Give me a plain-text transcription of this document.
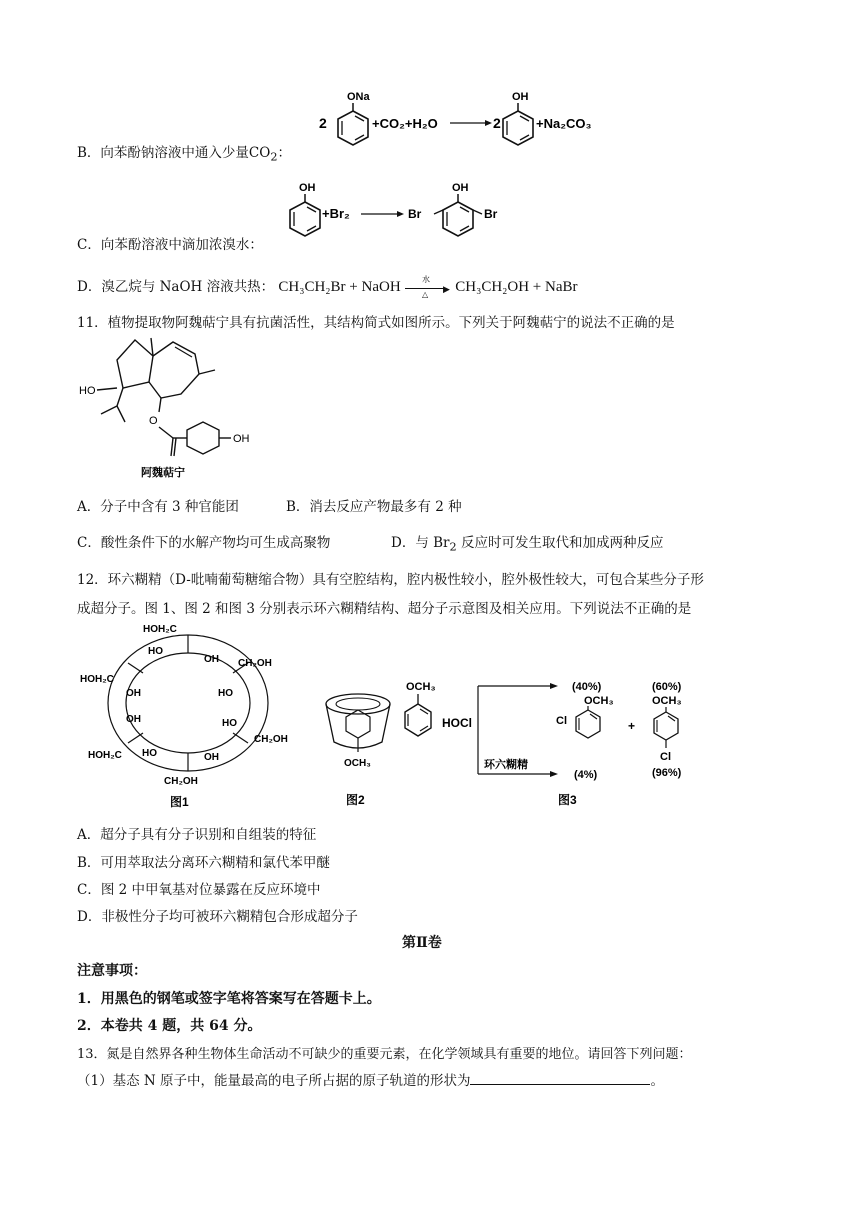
2
ONa
+CO₂+H₂O	2
OH
+Na₂CO₃
B．向苯酚钠溶液中通入少量$CO_2$：
OH
+Br₂
OH
Br	Br
C．向苯酚溶液中滴加浓溴水：
D．溴乙烷与 NaOH 溶液共热： CH₃CH₂Br + NaOH	水
▶
△ CH₃CH₂OH + NaBr
11．植物提取物阿魏萜宁具有抗菌活性，其结构简式如图所示。下列关于阿魏萜宁的说法不正确的是
HO
O
OH
阿魏萜宁
A．分子中含有 3 种官能团	B．消去反应产物最多有 2 种
C．酸性条件下的水解产物均可生成高聚物	D．与 $Br_2$ 反应时可发生取代和加成两种反应
12．环六糊精（D-吡喃葡萄糖缩合物）具有空腔结构，腔内极性较小，腔外极性较大，可包合某些分子形
成超分子。图 1、图 2 和图 3 分别表示环六糊精结构、超分子示意图及相关应用。下列说法不正确的是
HOH₂C
HO
OH CH₂OH
HOH₂C
OH	HO
OH	HO
CH₂OH
HOH₂C HO	OH
CH₂OH
图1
OCH₃
图2
OCH₃
HOCl
环六糊精
(40%)
OCH₃
Cl	+
(60%)
OCH₃
Cl
(4%)	(96%)
图3
A．超分子具有分子识别和自组装的特征
B．可用萃取法分离环六糊精和氯代苯甲醚
C．图 2 中甲氧基对位暴露在反应环境中
D．非极性分子均可被环六糊精包合形成超分子
第Ⅱ卷
注意事项：
1．用黑色的钢笔或签字笔将答案写在答题卡上。
2．本卷共 4 题，共 64 分。
13．氮是自然界各种生物体生命活动不可缺少的重要元素，在化学领域具有重要的地位。请回答下列问题：
（1）基态 N 原子中，能量最高的电子所占据的原子轨道的形状为	。
